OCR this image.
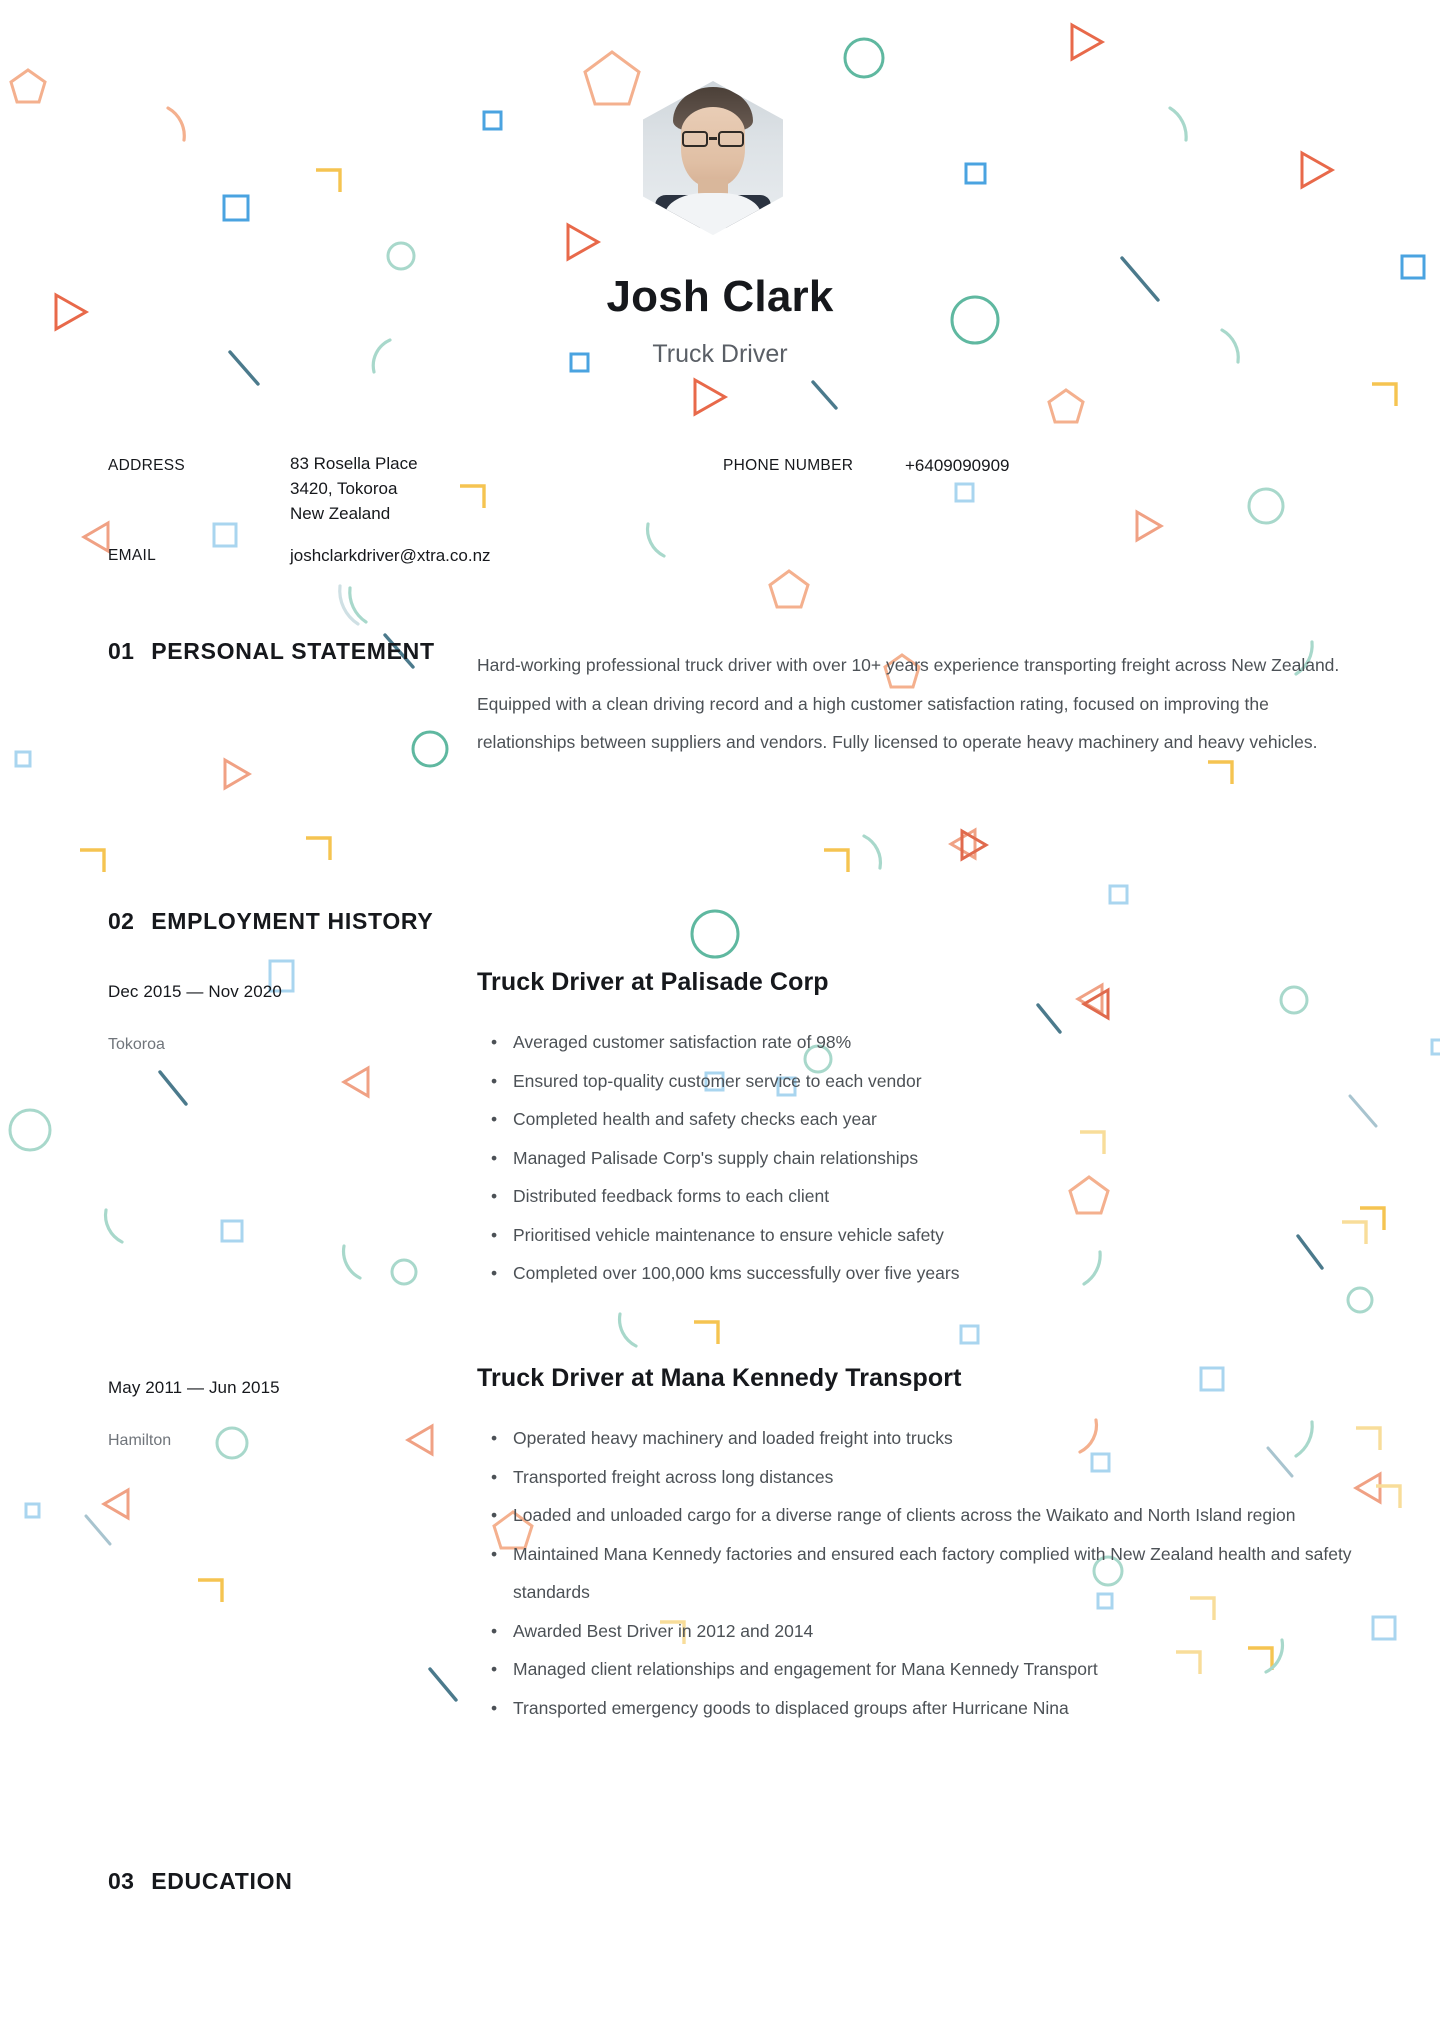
Josh Clark
Truck Driver
ADDRESS	83 Rosella Place
3420, Tokoroa
New Zealand
EMAIL	joshclarkdriver@xtra.co.nz
PHONE NUMBER	+6409090909
01 PERSONAL STATEMENT

Hard-working professional truck driver with over 10+ years experience transporting freight across New Zealand. Equipped with a clean driving record and a high customer satisfaction rating, focused on improving the relationships between suppliers and vendors. Fully licensed to operate heavy machinery and heavy vehicles.

02 EMPLOYMENT HISTORY
Dec 2015 — Nov 2020
Tokoroa
Truck Driver at Palisade Corp
• Averaged customer satisfaction rate of 98%
• Ensured top-quality customer service to each vendor
• Completed health and safety checks each year
• Managed Palisade Corp's supply chain relationships
• Distributed feedback forms to each client
• Prioritised vehicle maintenance to ensure vehicle safety
• Completed over 100,000 kms successfully over five years
May 2011 — Jun 2015
Hamilton
Truck Driver at Mana Kennedy Transport
• Operated heavy machinery and loaded freight into trucks
• Transported freight across long distances
• Loaded and unloaded cargo for a diverse range of clients across the Waikato and North Island region
• Maintained Mana Kennedy factories and ensured each factory complied with New Zealand health and safety standards
• Awarded Best Driver in 2012 and 2014
• Managed client relationships and engagement for Mana Kennedy Transport
• Transported emergency goods to displaced groups after Hurricane Nina
03 EDUCATION
